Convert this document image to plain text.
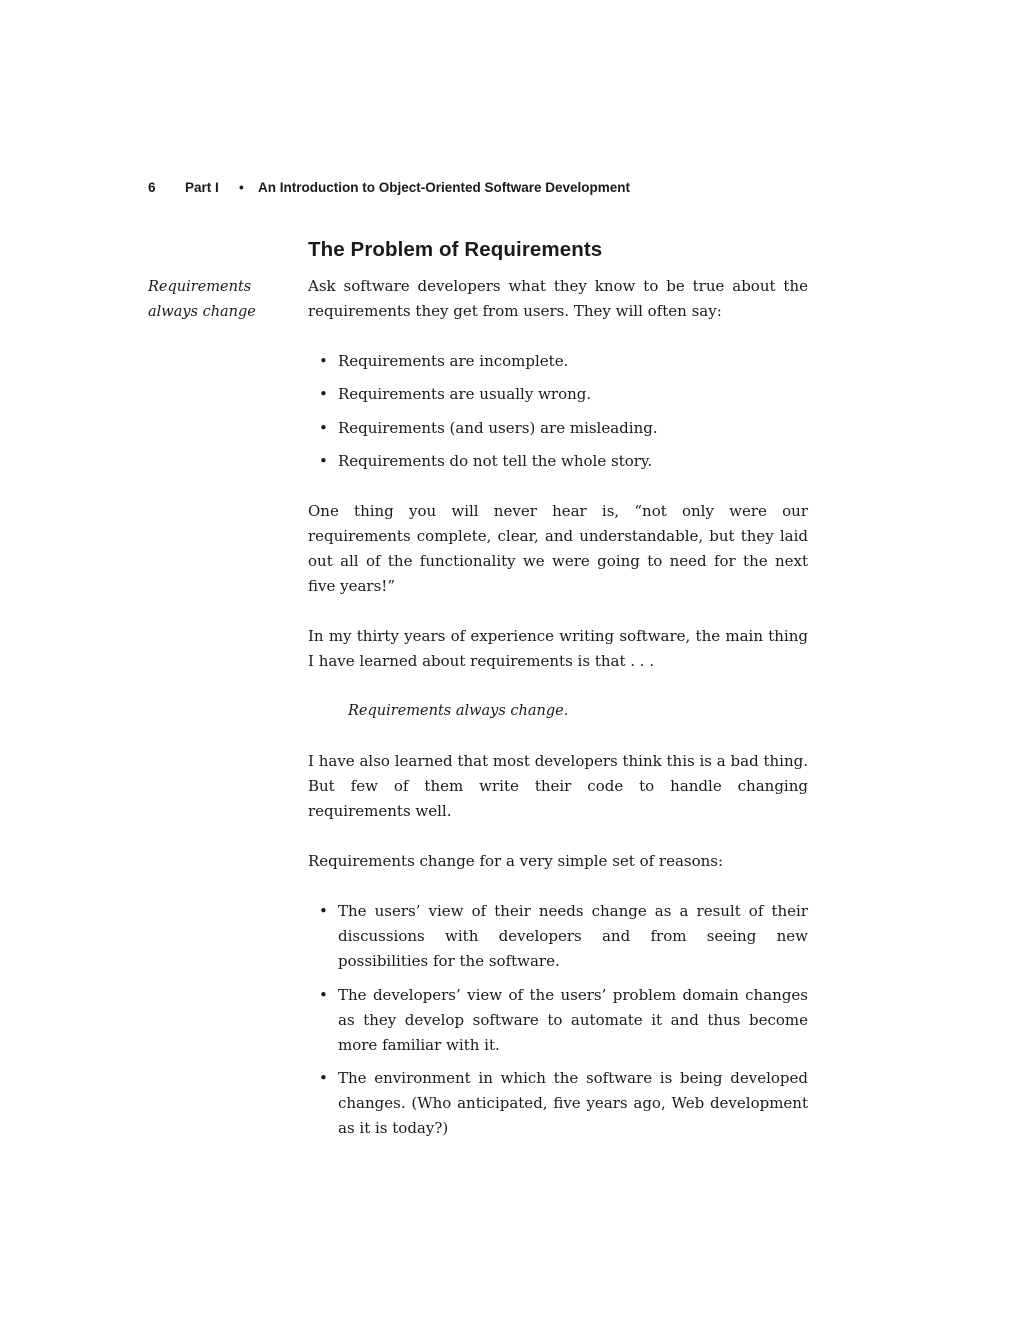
6 Part I • An Introduction to Object-Oriented Software Development
The Problem of Requirements
Requirements
always change

Ask software developers what they know to be true about the requirements they get from users. They will often say:

• Requirements are incomplete.
• Requirements are usually wrong.
• Requirements (and users) are misleading.
• Requirements do not tell the whole story.

One thing you will never hear is, “not only were our requirements complete, clear, and understandable, but they laid out all of the functionality we were going to need for the next five years!”

In my thirty years of experience writing software, the main thing I have learned about requirements is that . . .

Requirements always change.

I have also learned that most developers think this is a bad thing. But few of them write their code to handle changing requirements well.

Requirements change for a very simple set of reasons:

• The users’ view of their needs change as a result of their discussions with developers and from seeing new possibilities for the software.
• The developers’ view of the users’ problem domain changes as they develop software to automate it and thus become more familiar with it.
• The environment in which the software is being developed changes. (Who anticipated, five years ago, Web development as it is today?)
